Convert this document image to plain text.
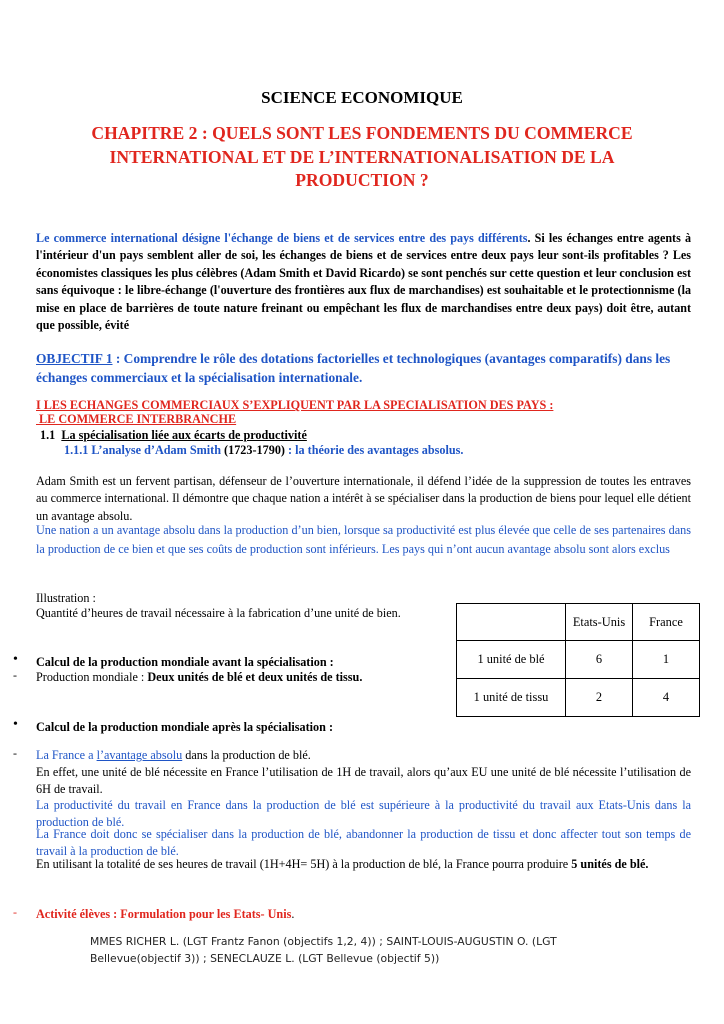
SCIENCE ECONOMIQUE
CHAPITRE 2 : QUELS SONT LES FONDEMENTS DU COMMERCE
INTERNATIONAL ET DE L’INTERNATIONALISATION DE LA
PRODUCTION ?

Le commerce international désigne l'échange de biens et de services entre des pays différents. Si les échanges entre agents à l'intérieur d'un pays semblent aller de soi, les échanges de biens et de services entre deux pays leur sont-ils profitables ? Les économistes classiques les plus célèbres (Adam Smith et David Ricardo) se sont penchés sur cette question et leur conclusion est sans équivoque : le libre-échange (l'ouverture des frontières aux flux de marchandises) est souhaitable et le protectionnisme (la mise en place de barrières de toute nature freinant ou empêchant les flux de marchandises entre deux pays) doit être, autant que possible, évité

OBJECTIF 1 : Comprendre le rôle des dotations factorielles et technologiques (avantages comparatifs) dans les échanges commerciaux et la spécialisation internationale.

I LES ECHANGES COMMERCIAUX S’EXPLIQUENT PAR LA SPECIALISATION DES PAYS :
LE COMMERCE INTERBRANCHE
1.1 La spécialisation liée aux écarts de productivité
1.1.1 L’analyse d’Adam Smith (1723-1790) : la théorie des avantages absolus.

Adam Smith est un fervent partisan, défenseur de l’ouverture internationale, il défend l’idée de la suppression de toutes les entraves au commerce international. Il démontre que chaque nation a intérêt à se spécialiser dans la production de biens pour lequel elle détient un avantage absolu.

Une nation a un avantage absolu dans la production d’un bien, lorsque sa productivité est plus élevée que celle de ses partenaires dans la production de ce bien et que ses coûts de production sont inférieurs. Les pays qui n’ont aucun avantage absolu sont alors exclus

Illustration :
Quantité d’heures de travail nécessaire à la fabrication d’une unité de bien.
	Etats-Unis	France
1 unité de blé	6	1
1 unité de tissu	2	4
• Calcul de la production mondiale avant la spécialisation :
- Production mondiale : Deux unités de blé et deux unités de tissu.
• Calcul de la production mondiale après la spécialisation :
- La France a l’avantage absolu dans la production de blé.

En effet, une unité de blé nécessite en France l’utilisation de 1H de travail, alors qu’aux EU une unité de blé nécessite l’utilisation de 6H de travail.

La productivité du travail en France dans la production de blé est supérieure à la productivité du travail aux Etats-Unis dans la production de blé.

La France doit donc se spécialiser dans la production de blé, abandonner la production de tissu et donc affecter tout son temps de travail à la production de blé.

En utilisant la totalité de ses heures de travail (1H+4H= 5H) à la production de blé, la France pourra produire 5 unités de blé.

- Activité élèves : Formulation pour les Etats- Unis.
MMES RICHER L. (LGT Frantz Fanon (objectifs 1,2, 4)) ; SAINT-LOUIS-AUGUSTIN O. (LGT
Bellevue(objectif 3)) ; SENECLAUZE L. (LGT Bellevue (objectif 5))
